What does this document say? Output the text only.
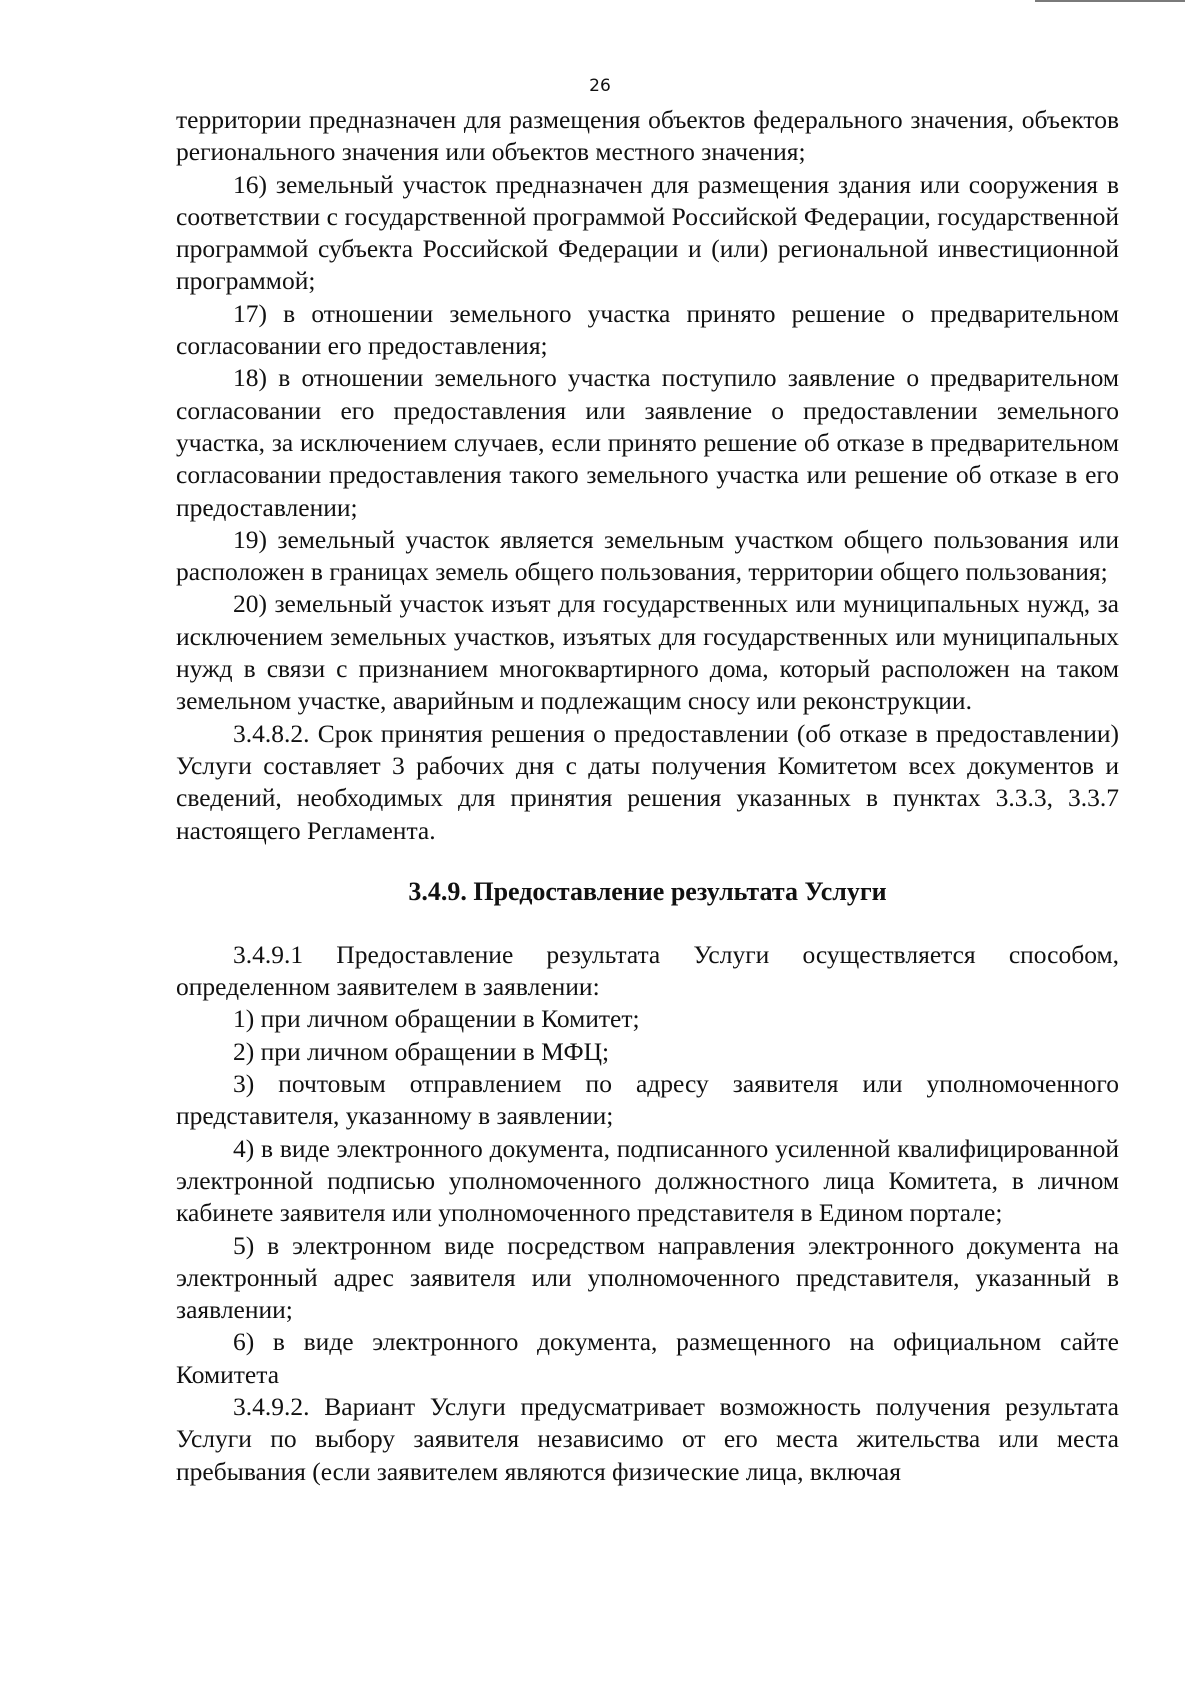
26

территории предназначен для размещения объектов федерального значения, объектов регионального значения или объектов местного значения;

16) земельный участок предназначен для размещения здания или сооружения в соответствии с государственной программой Российской Федерации, государственной программой субъекта Российской Федерации и (или) региональной инвестиционной программой;

17) в отношении земельного участка принято решение о предварительном согласовании его предоставления;

18) в отношении земельного участка поступило заявление о предварительном согласовании его предоставления или заявление о предоставлении земельного участка, за исключением случаев, если принято решение об отказе в предварительном согласовании предоставления такого земельного участка или решение об отказе в его предоставлении;

19) земельный участок является земельным участком общего пользования или расположен в границах земель общего пользования, территории общего пользования;

20) земельный участок изъят для государственных или муниципальных нужд, за исключением земельных участков, изъятых для государственных или муниципальных нужд в связи с признанием многоквартирного дома, который расположен на таком земельном участке, аварийным и подлежащим сносу или реконструкции.

3.4.8.2. Срок принятия решения о предоставлении (об отказе в предоставлении) Услуги составляет 3 рабочих дня с даты получения Комитетом всех документов и сведений, необходимых для принятия решения указанных в пунктах 3.3.3, 3.3.7 настоящего Регламента.

3.4.9. Предоставление результата Услуги

3.4.9.1 Предоставление результата Услуги осуществляется способом, определенном заявителем в заявлении:

1) при личном обращении в Комитет;

2) при личном обращении в МФЦ;

3) почтовым отправлением по адресу заявителя или уполномоченного представителя, указанному в заявлении;

4) в виде электронного документа, подписанного усиленной квалифицированной электронной подписью уполномоченного должностного лица Комитета, в личном кабинете заявителя или уполномоченного представителя в Едином портале;

5) в электронном виде посредством направления электронного документа на электронный адрес заявителя или уполномоченного представителя, указанный в заявлении;

6) в виде электронного документа, размещенного на официальном сайте Комитета

3.4.9.2. Вариант Услуги предусматривает возможность получения результата Услуги по выбору заявителя независимо от его места жительства или места пребывания (если заявителем являются физические лица, включая
